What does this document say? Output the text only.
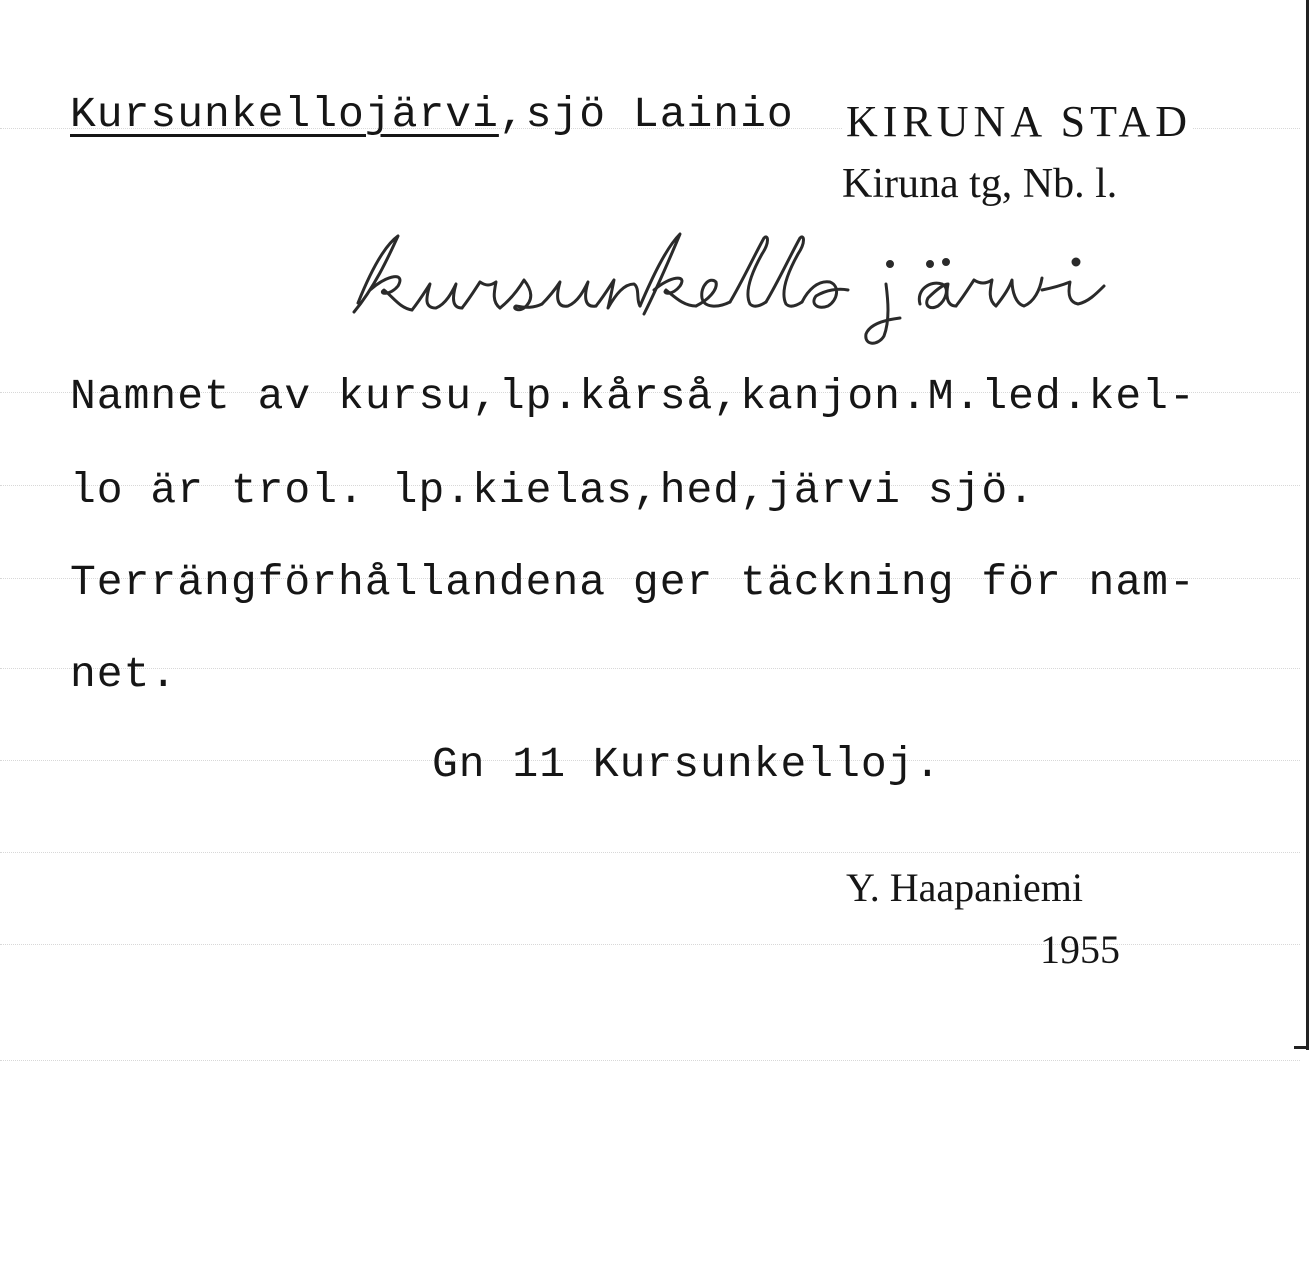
Kursunkellojärvi,sjö Lainio KIRUNA STAD
Kiruna tg, Nb. l.
Namnet av kursu,lp.kårså,kanjon.M.led.kel-
lo är trol. lp.kielas,hed,järvi sjö.
Terrängförhållandena ger täckning för nam-
net.
Gn 11 Kursunkelloj.
Y. Haapaniemi
1955
